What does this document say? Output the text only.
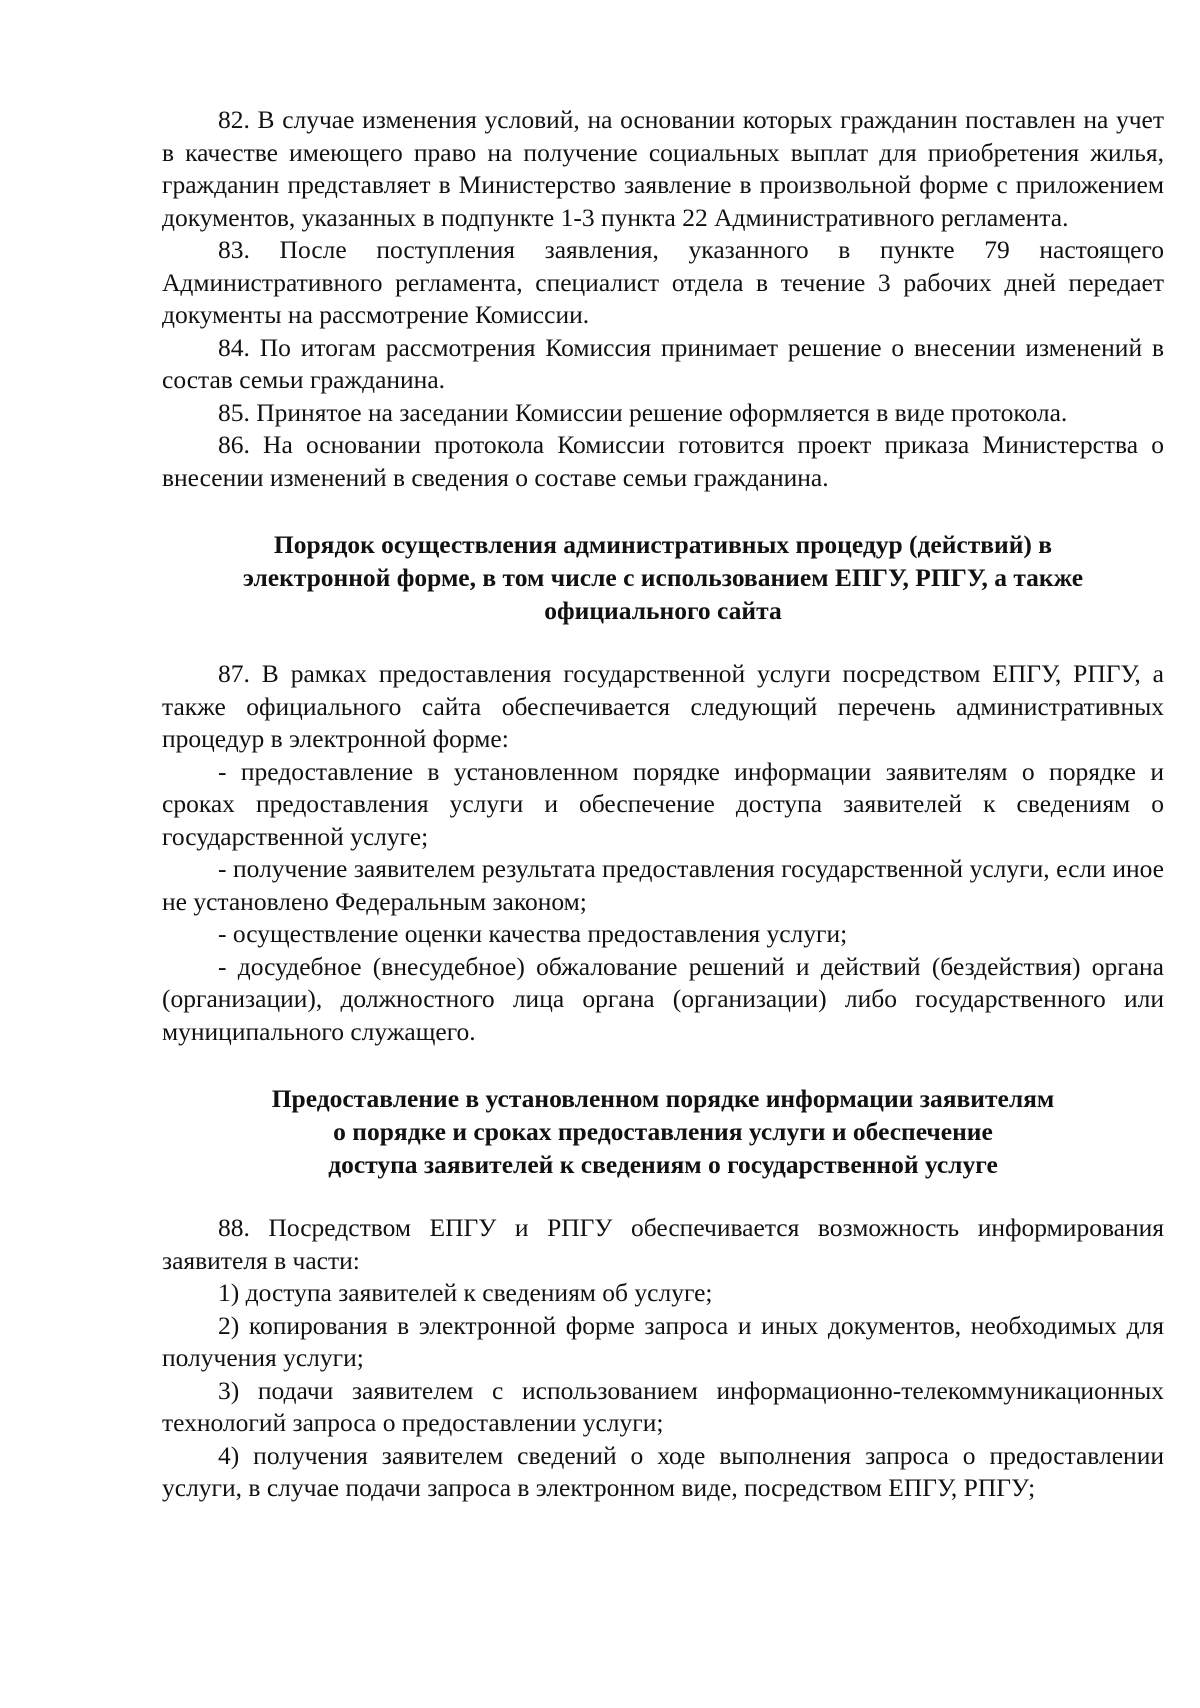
82. В случае изменения условий, на основании которых гражданин поставлен на учет в качестве имеющего право на получение социальных выплат для приобретения жилья, гражданин представляет в Министерство заявление в произвольной форме с приложением документов, указанных в подпункте 1-3 пункта 22 Административного регламента.

83. После поступления заявления, указанного в пункте 79 настоящего Административного регламента, специалист отдела в течение 3 рабочих дней передает документы на рассмотрение Комиссии.

84. По итогам рассмотрения Комиссия принимает решение о внесении изменений в состав семьи гражданина.

85. Принятое на заседании Комиссии решение оформляется в виде протокола.

86. На основании протокола Комиссии готовится проект приказа Министерства о внесении изменений в сведения о составе семьи гражданина.

Порядок осуществления административных процедур (действий) в
электронной форме, в том числе с использованием ЕПГУ, РПГУ, а также
официального сайта

87. В рамках предоставления государственной услуги посредством ЕПГУ, РПГУ, а также официального сайта обеспечивается следующий перечень административных процедур в электронной форме:

- предоставление в установленном порядке информации заявителям о порядке и сроках предоставления услуги и обеспечение доступа заявителей к сведениям о государственной услуге;

- получение заявителем результата предоставления государственной услуги, если иное не установлено Федеральным законом;

- осуществление оценки качества предоставления услуги;

- досудебное (внесудебное) обжалование решений и действий (бездействия) органа (организации), должностного лица органа (организации) либо государственного или муниципального служащего.

Предоставление в установленном порядке информации заявителям
о порядке и сроках предоставления услуги и обеспечение
доступа заявителей к сведениям о государственной услуге

88. Посредством ЕПГУ и РПГУ обеспечивается возможность информирования заявителя в части:

1) доступа заявителей к сведениям об услуге;

2) копирования в электронной форме запроса и иных документов, необходимых для получения услуги;

3) подачи заявителем с использованием информационно-телекоммуникационных технологий запроса о предоставлении услуги;

4) получения заявителем сведений о ходе выполнения запроса о предоставлении услуги, в случае подачи запроса в электронном виде, посредством ЕПГУ, РПГУ;
